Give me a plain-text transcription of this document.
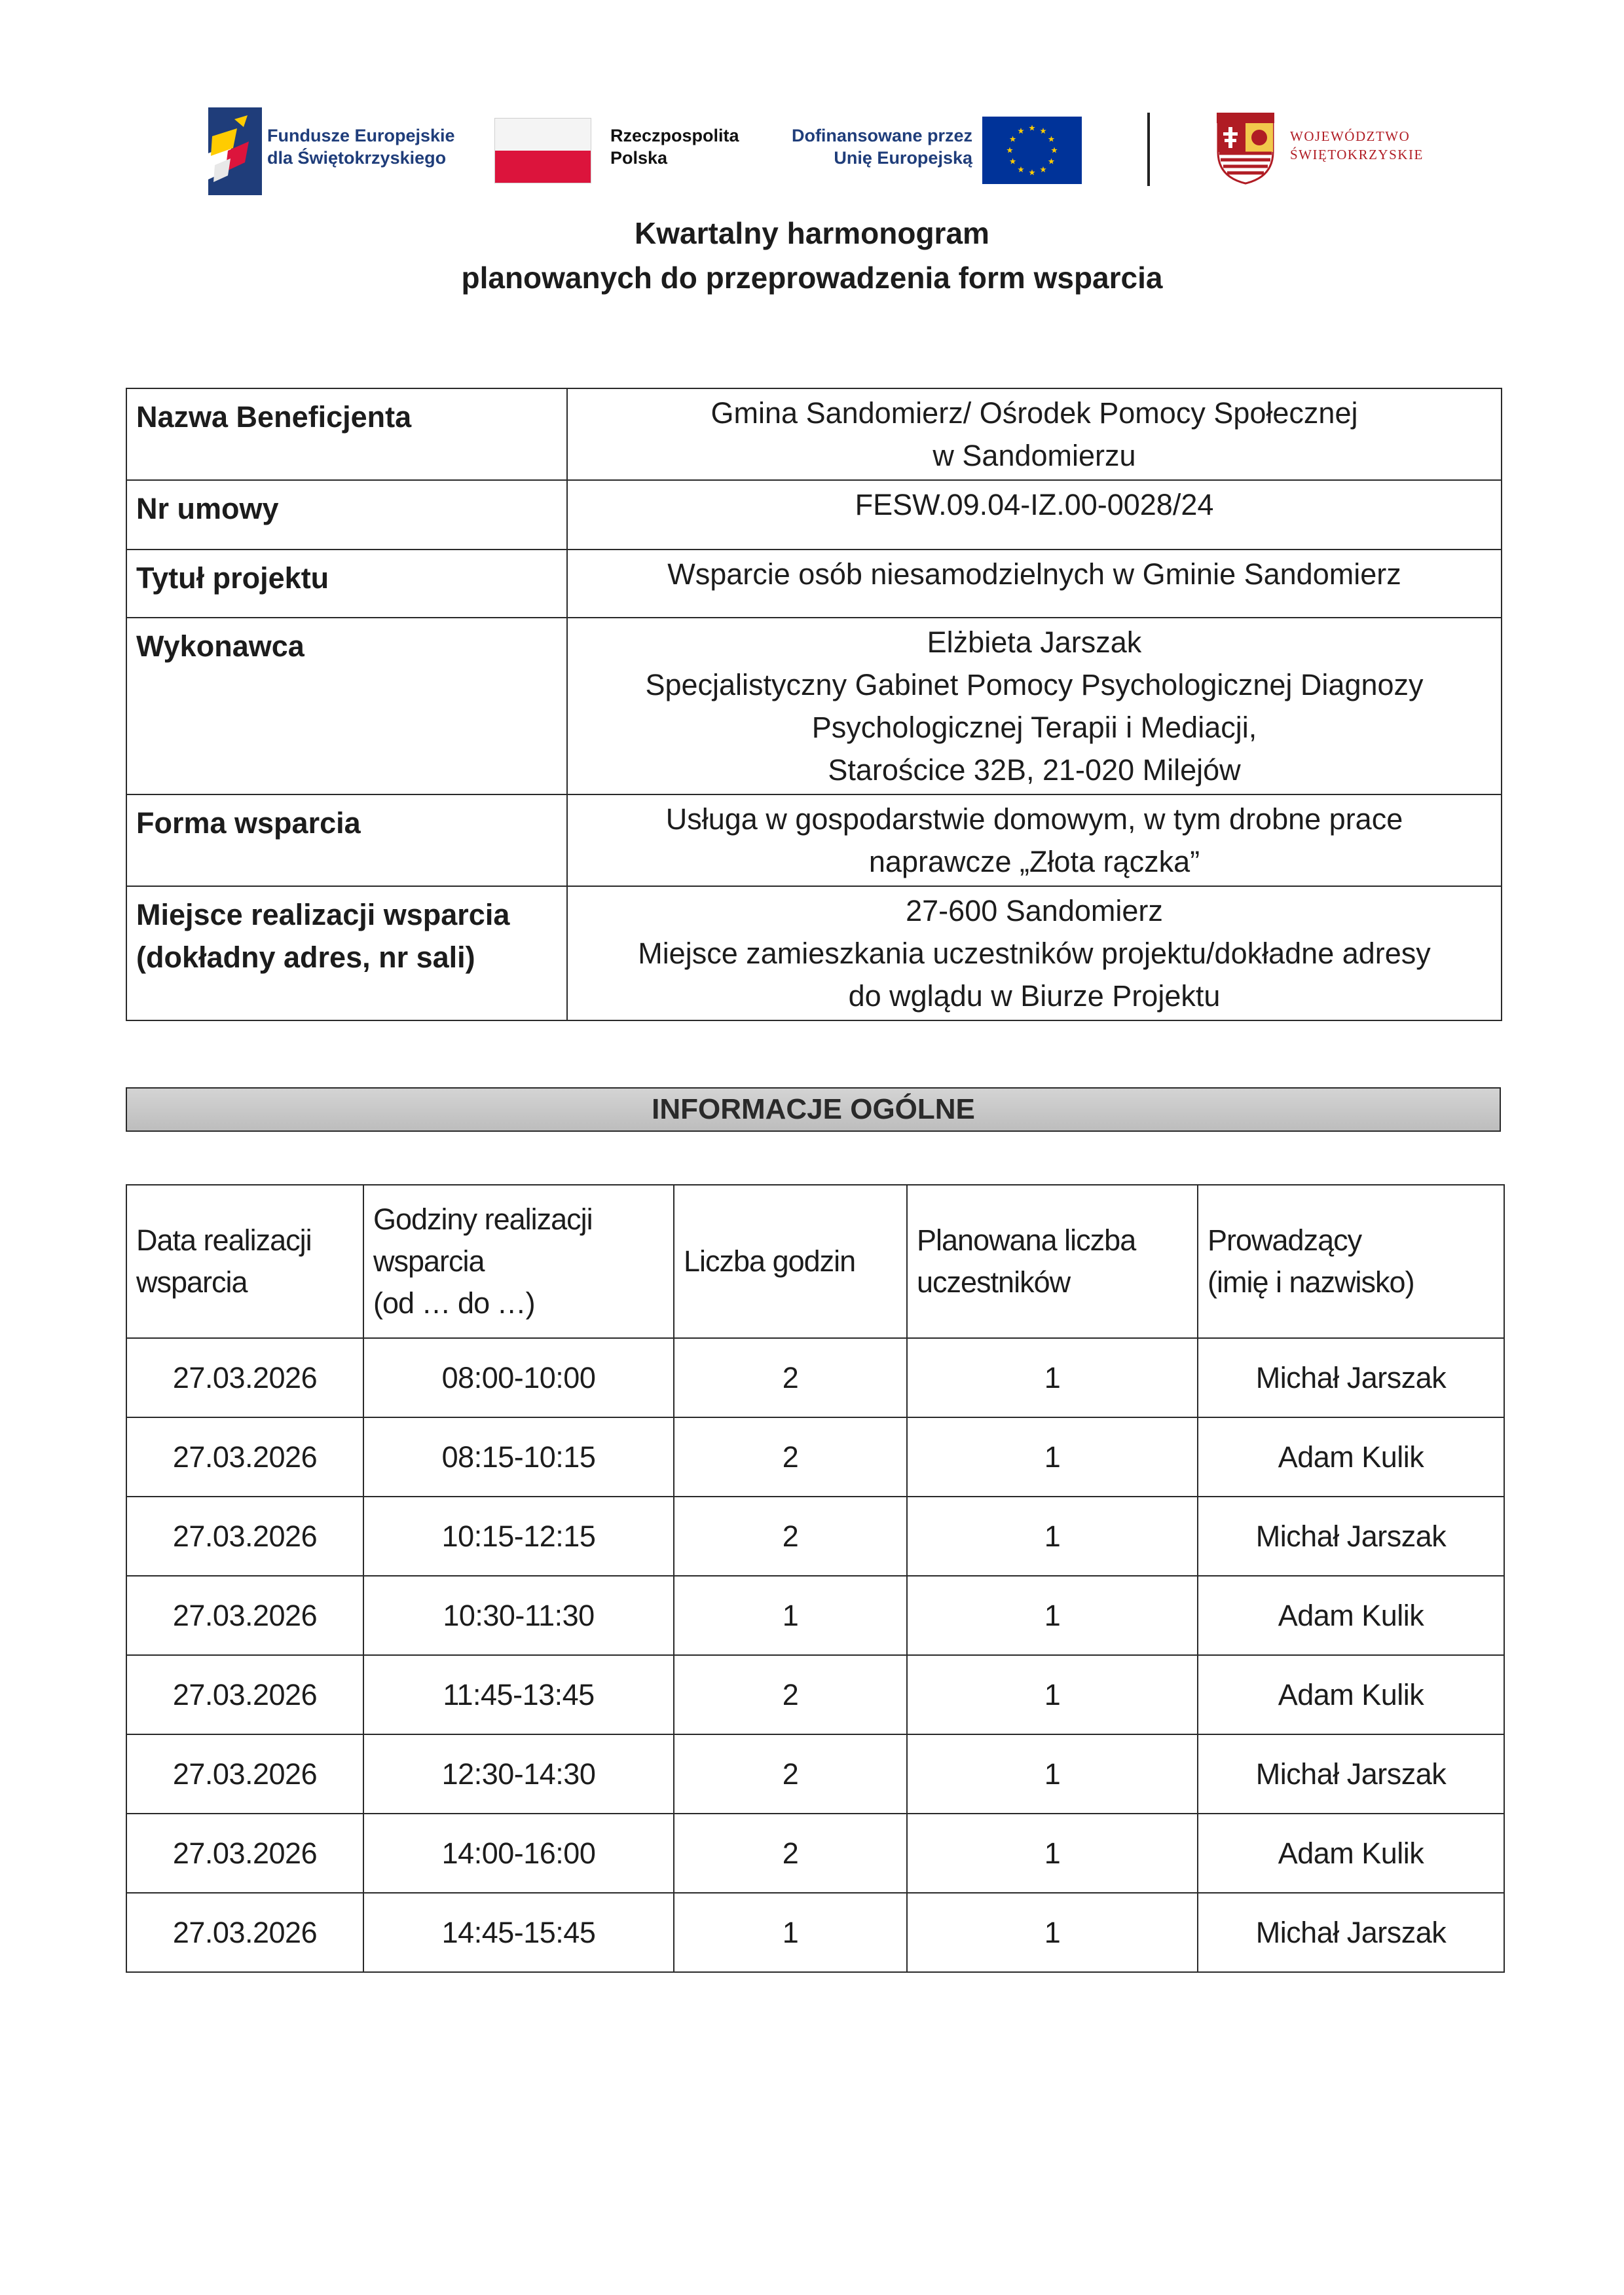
Fundusze Europejskie
dla Świętokrzyskiego
Rzeczpospolita
Polska
Dofinansowane przez
Unię Europejską
WOJEWÓDZTWO
ŚWIĘTOKRZYSKIE
Kwartalny harmonogram
planowanych do przeprowadzenia form wsparcia
Nazwa Beneficjenta	Gmina Sandomierz/ Ośrodek Pomocy Społecznej
w Sandomierzu
Nr umowy	FESW.09.04-IZ.00-0028/24
Tytuł projektu	Wsparcie osób niesamodzielnych w Gminie Sandomierz
Wykonawca	Elżbieta Jarszak
Specjalistyczny Gabinet Pomocy Psychologicznej Diagnozy
Psychologicznej Terapii i Mediacji,
Starościce 32B, 21-020 Milejów
Forma wsparcia	Usługa w gospodarstwie domowym, w tym drobne prace
naprawcze „Złota rączka”
Miejsce realizacji wsparcia
(dokładny adres, nr sali)	27-600 Sandomierz
Miejsce zamieszkania uczestników projektu/dokładne adresy
do wglądu w Biurze Projektu
INFORMACJE OGÓLNE
Data realizacji
wsparcia	Godziny realizacji
wsparcia
(od … do …)	Liczba godzin	Planowana liczba
uczestników	Prowadzący
(imię i nazwisko)
27.03.2026	08:00-10:00	2	1	Michał Jarszak
27.03.2026	08:15-10:15	2	1	Adam Kulik
27.03.2026	10:15-12:15	2	1	Michał Jarszak
27.03.2026	10:30-11:30	1	1	Adam Kulik
27.03.2026	11:45-13:45	2	1	Adam Kulik
27.03.2026	12:30-14:30	2	1	Michał Jarszak
27.03.2026	14:00-16:00	2	1	Adam Kulik
27.03.2026	14:45-15:45	1	1	Michał Jarszak
